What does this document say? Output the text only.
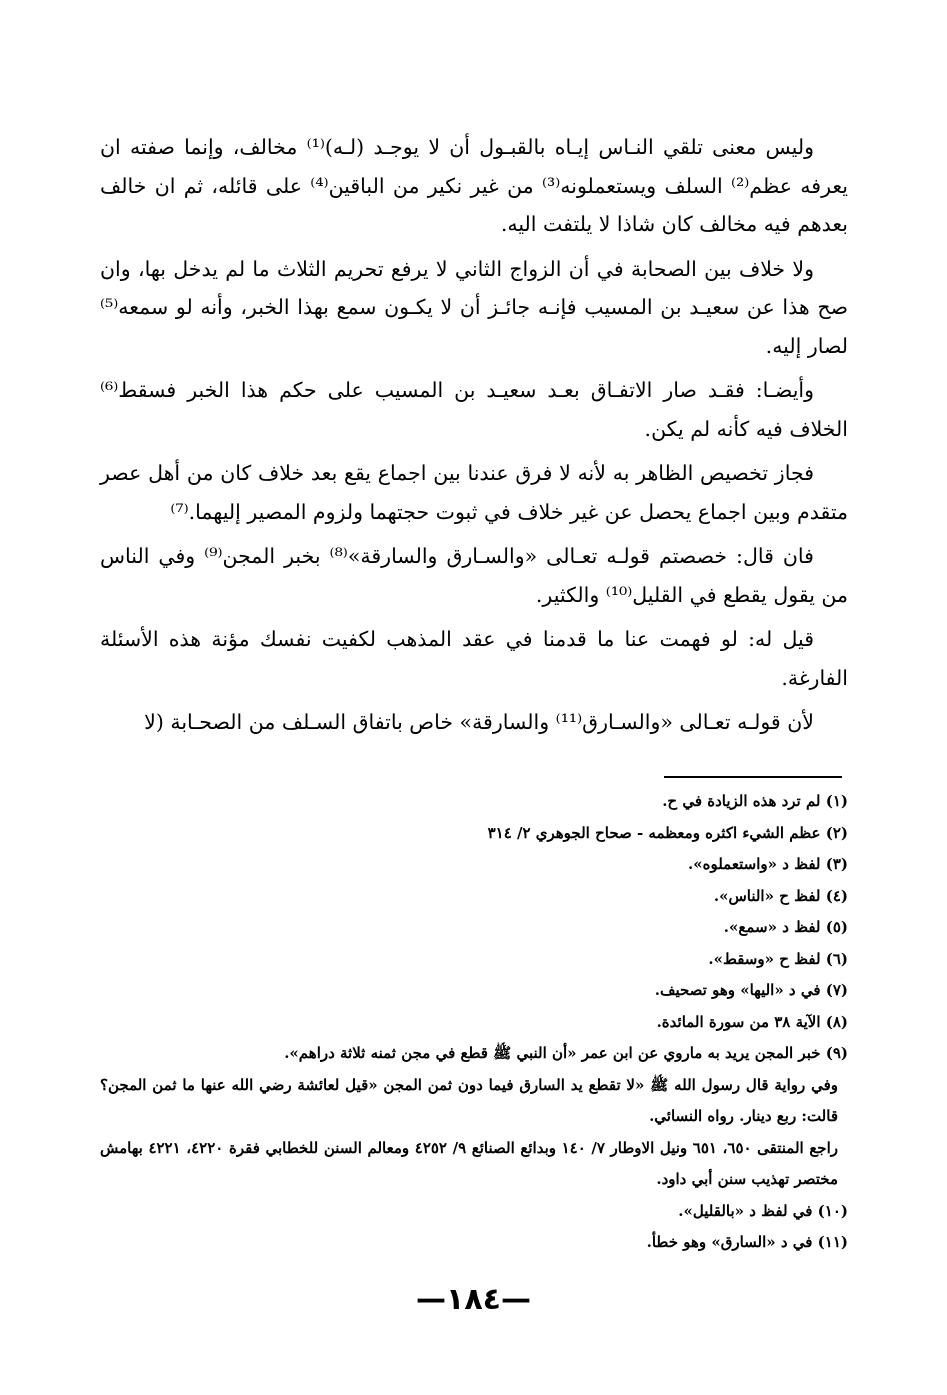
وليس معنى تلقي النـاس إيـاه بالقبـول أن لا يوجـد (لـه)⁽¹⁾ مخالف، وإنما صفته ان يعرفه عظم⁽²⁾ السلف ويستعملونه⁽³⁾ من غير نكير من الباقين⁽⁴⁾ على قائله، ثم ان خالف بعدهم فيه مخالف كان شاذا لا يلتفت اليه.

ولا خلاف بين الصحابة في أن الزواج الثاني لا يرفع تحريم الثلاث ما لم يدخل بها، وان صح هذا عن سعيـد بن المسيب فإنـه جائـز أن لا يكـون سمع بهذا الخبر، وأنه لو سمعه⁽⁵⁾ لصار إليه.

وأيضـا: فقـد صار الاتفـاق بعـد سعيـد بن المسيب على حكم هذا الخبر فسقط⁽⁶⁾ الخلاف فيه كأنه لم يكن.

فجاز تخصيص الظاهر به لأنه لا فرق عندنا بين اجماع يقع بعد خلاف كان من أهل عصر متقدم وبين اجماع يحصل عن غير خلاف في ثبوت حجتهما ولزوم المصير إليهما.⁽⁷⁾

فان قال: خصصتم قولـه تعـالى «والسـارق والسارقة»⁽⁸⁾ بخبر المجن⁽⁹⁾ وفي الناس من يقول يقطع في القليل⁽¹⁰⁾ والكثير.

قيل له: لو فهمت عنا ما قدمنا في عقد المذهب لكفيت نفسك مؤنة هذه الأسئلة الفارغة.

لأن قولـه تعـالى «والسـارق⁽¹¹⁾ والسارقة» خاص باتفاق السـلف من الصحـابة (لا

(١) لم ترد هذه الزيادة في ح.
(٢) عظم الشيء اكثره ومعظمه - صحاح الجوهري ٢/ ٣١٤
(٣) لفظ د «واستعملوه».
(٤) لفظ ح «الناس».
(٥) لفظ د «سمع».
(٦) لفظ ح «وسقط».
(٧) في د «اليها» وهو تصحيف.
(٨) الآية ٣٨ من سورة المائدة.
(٩) خبر المجن يريد به ماروي عن ابن عمر «أن النبي ﷺ قطع في مجن ثمنه ثلاثة دراهم».
وفي رواية قال رسول الله ﷺ «لا تقطع يد السارق فيما دون ثمن المجن «قيل لعائشة رضي الله عنها ما ثمن المجن؟ قالت: ربع دينار. رواه النسائي.
راجع المنتقى ٦٥٠، ٦٥١ ونيل الاوطار ٧/ ١٤٠ وبدائع الصنائع ٩/ ٤٢٥٢ ومعالم السنن للخطابي فقرة ٤٢٢٠، ٤٢٢١ بهامش مختصر تهذيب سنن أبي داود.
(١٠) في لفظ د «بالقليل».
(١١) في د «السارق» وهو خطأ.
—١٨٤—
